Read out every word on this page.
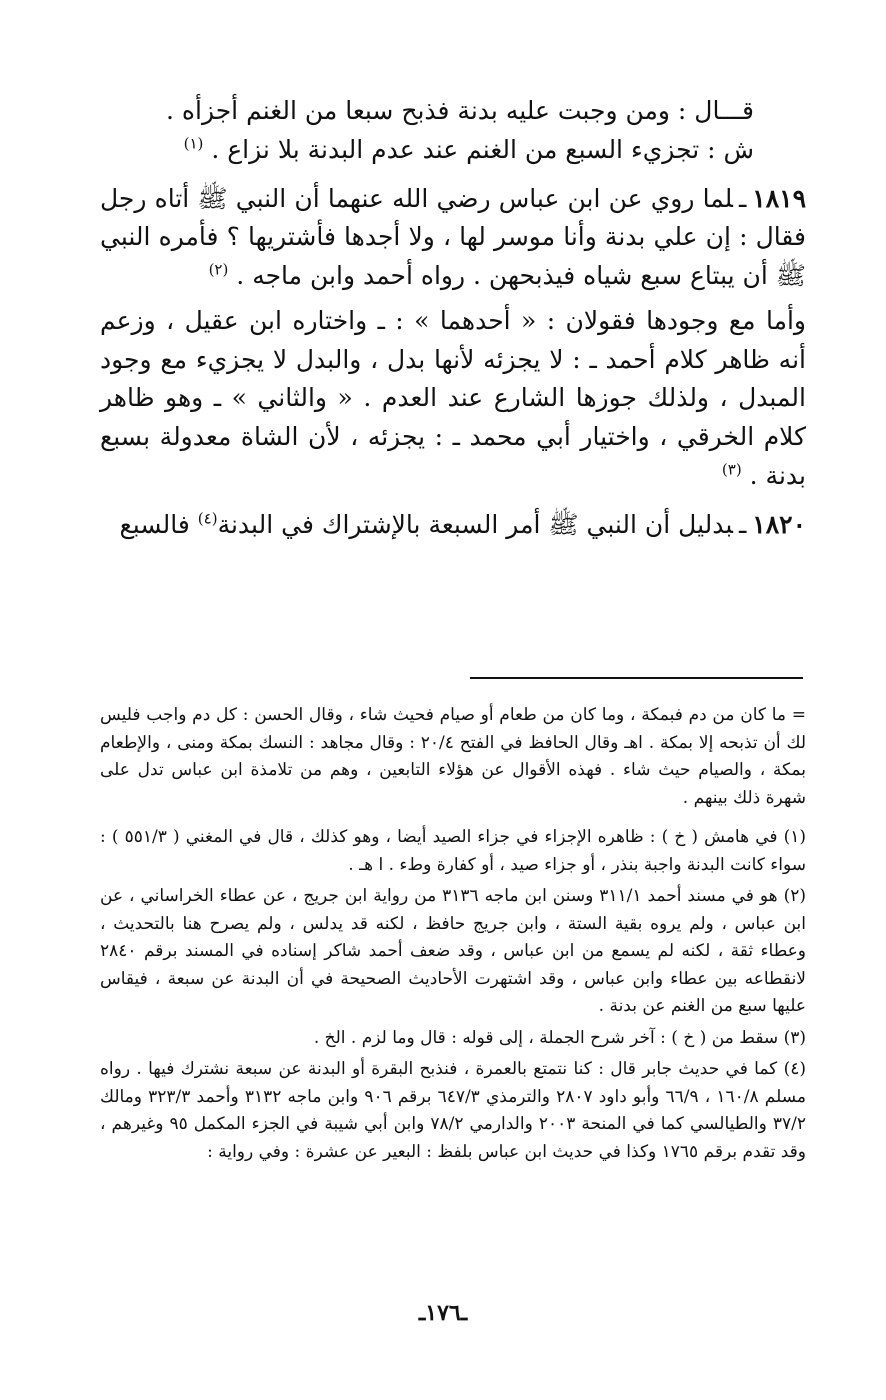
قـــال : ومن وجبت عليه بدنة فذبح سبعا من الغنم أجزأه .

ش : تجزيء السبع من الغنم عند عدم البدنة بلا نزاع . $^{(١)}$

١٨١٩ـلما روي عن ابن عباس رضي الله عنهما أن النبي ﷺ أتاه رجل فقال : إن علي بدنة وأنا موسر لها ، ولا أجدها فأشتريها ؟ فأمره النبي ﷺ أن يبتاع سبع شياه فيذبحهن . رواه أحمد وابن ماجه . $^{(٢)}$

وأما مع وجودها فقولان : « أحدهما » : ـ واختاره ابن عقيل ، وزعم أنه ظاهر كلام أحمد ـ : لا يجزئه لأنها بدل ، والبدل لا يجزيء مع وجود المبدل ، ولذلك جوزها الشارع عند العدم . « والثاني » ـ وهو ظاهر كلام الخرقي ، واختيار أبي محمد ـ : يجزئه ، لأن الشاة معدولة بسبع بدنة . $^{(٣)}$

١٨٢٠ـبدليل أن النبي ﷺ أمر السبعة بالإشتراك في البدنة$^{(٤)}$ فالسبع

= ما كان من دم فبمكة ، وما كان من طعام أو صيام فحيث شاء ، وقال الحسن : كل دم واجب فليس لك أن تذبحه إلا بمكة . اهـ وقال الحافظ في الفتح ٢٠/٤ : وقال مجاهد : النسك بمكة ومنى ، والإطعام بمكة ، والصيام حيث شاء . فهذه الأقوال عن هؤلاء التابعين ، وهم من تلامذة ابن عباس تدل على شهرة ذلك بينهم .

(١) في هامش ( خ ) : ظاهره الإجزاء في جزاء الصيد أيضا ، وهو كذلك ، قال في المغني ( ٥٥١/٣ ) : سواء كانت البدنة واجبة بنذر ، أو جزاء صيد ، أو كفارة وطء . ا هـ .

(٢) هو في مسند أحمد ٣١١/١ وسنن ابن ماجه ٣١٣٦ من رواية ابن جريج ، عن عطاء الخراساني ، عن ابن عباس ، ولم يروه بقية الستة ، وابن جريج حافظ ، لكنه قد يدلس ، ولم يصرح هنا بالتحديث ، وعطاء ثقة ، لكنه لم يسمع من ابن عباس ، وقد ضعف أحمد شاكر إسناده في المسند برقم ٢٨٤٠ لانقطاعه بين عطاء وابن عباس ، وقد اشتهرت الأحاديث الصحيحة في أن البدنة عن سبعة ، فيقاس عليها سبع من الغنم عن بدنة .

(٣) سقط من ( خ ) : آخر شرح الجملة ، إلى قوله : قال وما لزم . الخ .

(٤) كما في حديث جابر قال : كنا نتمتع بالعمرة ، فنذبح البقرة أو البدنة عن سبعة نشترك فيها . رواه مسلم ١٦٠/٨ ، ٦٦/٩ وأبو داود ٢٨٠٧ والترمذي ٦٤٧/٣ برقم ٩٠٦ وابن ماجه ٣١٣٢ وأحمد ٣٢٣/٣ ومالك ٣٧/٢ والطيالسي كما في المنحة ٢٠٠٣ والدارمي ٧٨/٢ وابن أبي شيبة في الجزء المكمل ٩٥ وغيرهم ، وقد تقدم برقم ١٧٦٥ وكذا في حديث ابن عباس بلفظ : البعير عن عشرة : وفي رواية :

ـ١٧٦ـ
